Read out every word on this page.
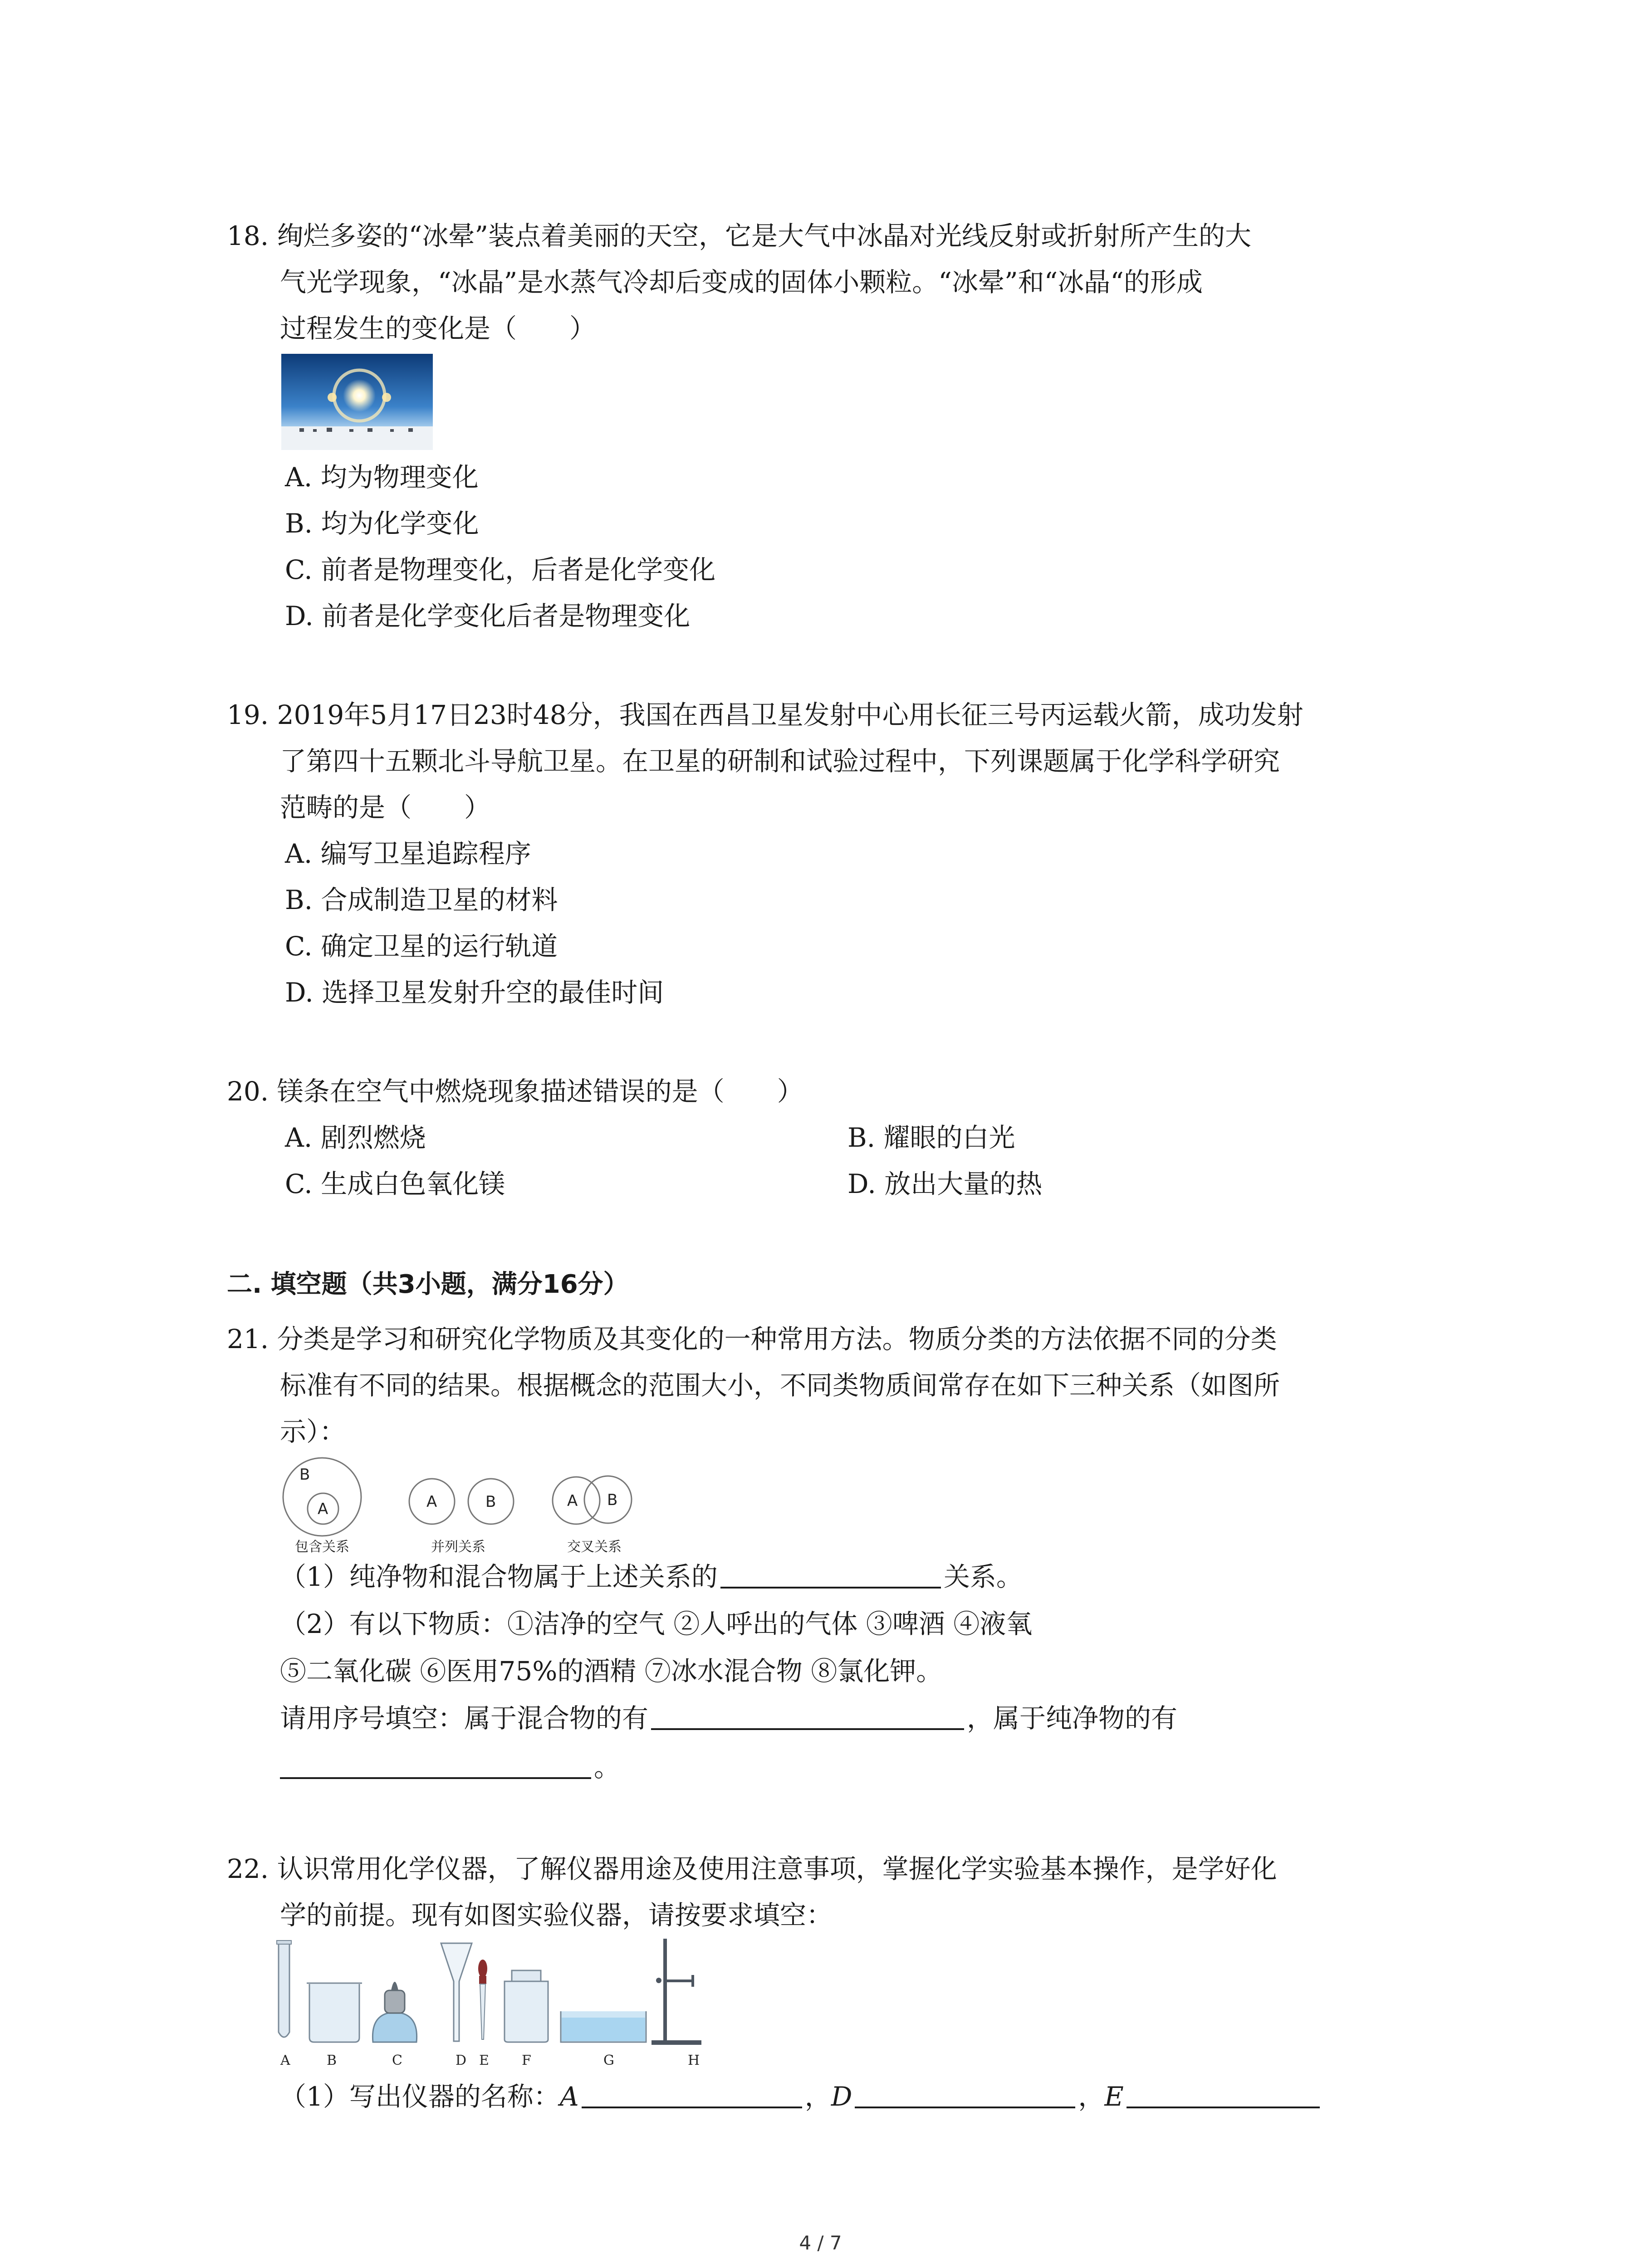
18. 绚烂多姿的“冰晕”装点着美丽的天空，它是大气中冰晶对光线反射或折射所产生的大
气光学现象，“冰晶”是水蒸气冷却后变成的固体小颗粒。“冰晕”和“冰晶“的形成
过程发生的变化是（　　）
A. 均为物理变化
B. 均为化学变化
C. 前者是物理变化，后者是化学变化
D. 前者是化学变化后者是物理变化
19. 2019年5月17日23时48分，我国在西昌卫星发射中心用长征三号丙运载火箭，成功发射
了第四十五颗北斗导航卫星。在卫星的研制和试验过程中，下列课题属于化学科学研究
范畴的是（　　）
A. 编写卫星追踪程序
B. 合成制造卫星的材料
C. 确定卫星的运行轨道
D. 选择卫星发射升空的最佳时间
20. 镁条在空气中燃烧现象描述错误的是（　　）
A. 剧烈燃烧	B. 耀眼的白光
C. 生成白色氧化镁	D. 放出大量的热
二. 填空题（共3小题，满分16分）
21. 分类是学习和研究化学物质及其变化的一种常用方法。物质分类的方法依据不同的分类
标准有不同的结果。根据概念的范围大小，不同类物质间常存在如下三种关系（如图所
示）：
B
A
包含关系
A	B
并列关系
A B
交叉关系
（1）纯净物和混合物属于上述关系的	关系。
（2）有以下物质：①洁净的空气 ②人呼出的气体 ③啤酒 ④液氧
⑤二氧化碳 ⑥医用75%的酒精 ⑦冰水混合物 ⑧氯化钾。
请用序号填空：属于混合物的有	，属于纯净物的有
。
22. 认识常用化学仪器，了解仪器用途及使用注意事项，掌握化学实验基本操作，是学好化
学的前提。现有如图实验仪器，请按要求填空：
A	B	C	D E F	G	H
（1）写出仪器的名称：A	，D	，E
4 / 7
